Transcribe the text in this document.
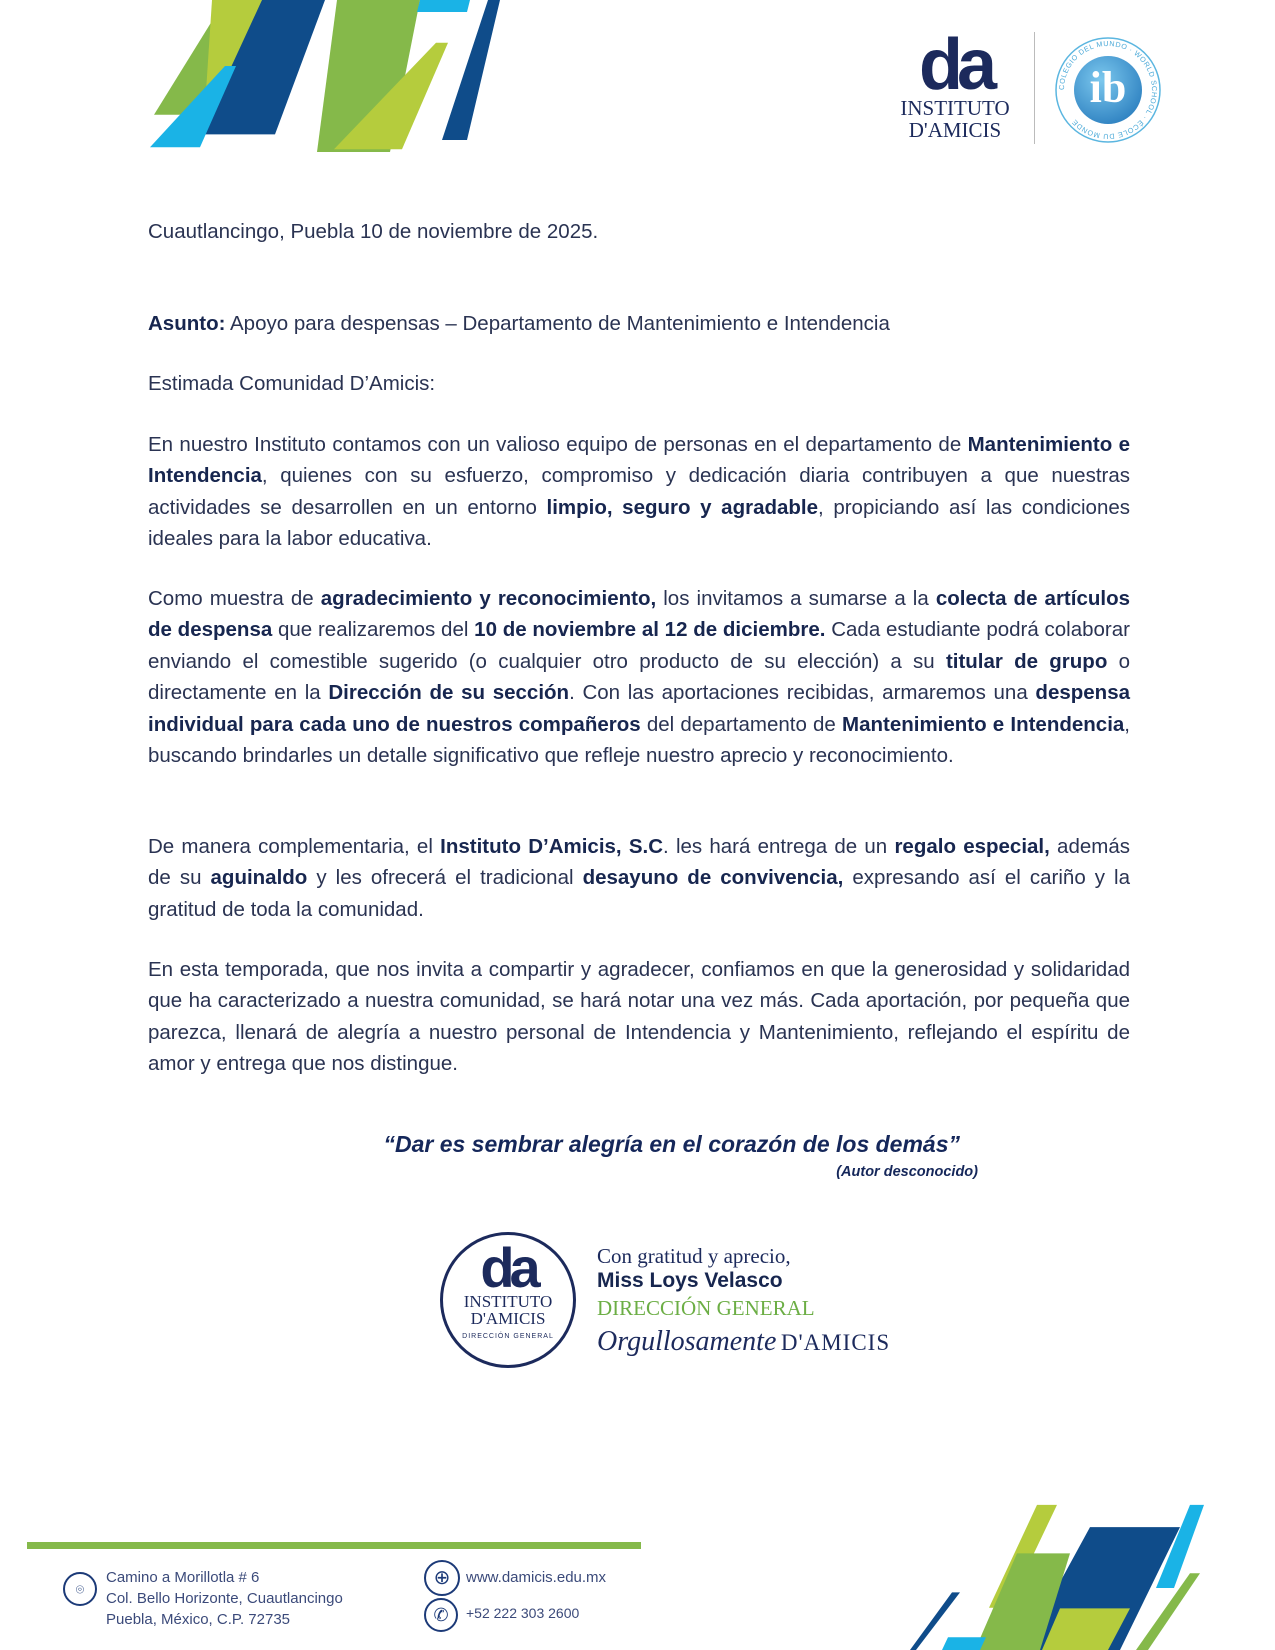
da
INSTITUTO
D'AMICIS
COLEGIO DEL MUNDO · WORLD SCHOOL · ÉCOLE DU MONDE
ib
Cuautlancingo, Puebla 10 de noviembre de 2025.
Asunto: Apoyo para despensas – Departamento de Mantenimiento e Intendencia
Estimada Comunidad D’Amicis:
En nuestro Instituto contamos con un valioso equipo de personas en el departamento de Mantenimiento e Intendencia, quienes con su esfuerzo, compromiso y dedicación diaria contribuyen a que nuestras actividades se desarrollen en un entorno limpio, seguro y agradable, propiciando así las condiciones ideales para la labor educativa.
Como muestra de agradecimiento y reconocimiento, los invitamos a sumarse a la colecta de artículos de despensa que realizaremos del 10 de noviembre al 12 de diciembre. Cada estudiante podrá colaborar enviando el comestible sugerido (o cualquier otro producto de su elección) a su titular de grupo o directamente en la Dirección de su sección. Con las aportaciones recibidas, armaremos una despensa individual para cada uno de nuestros compañeros del departamento de Mantenimiento e Intendencia, buscando brindarles un detalle significativo que refleje nuestro aprecio y reconocimiento.
De manera complementaria, el Instituto D’Amicis, S.C. les hará entrega de un regalo especial, además de su aguinaldo y les ofrecerá el tradicional desayuno de convivencia, expresando así el cariño y la gratitud de toda la comunidad.
En esta temporada, que nos invita a compartir y agradecer, confiamos en que la generosidad y solidaridad que ha caracterizado a nuestra comunidad, se hará notar una vez más. Cada aportación, por pequeña que parezca, llenará de alegría a nuestro personal de Intendencia y Mantenimiento, reflejando el espíritu de amor y entrega que nos distingue.
“Dar es sembrar alegría en el corazón de los demás”
(Autor desconocido)
da
INSTITUTO
D'AMICIS
DIRECCIÓN GENERAL
Con gratitud y aprecio,
Miss Loys Velasco
DIRECCIÓN GENERAL
Orgullosamente D'AMICIS
⌾
Camino a Morillotla # 6
Col. Bello Horizonte, Cuautlancingo
Puebla, México, C.P. 72735
⊕	www.damicis.edu.mx
✆	+52 222 303 2600
